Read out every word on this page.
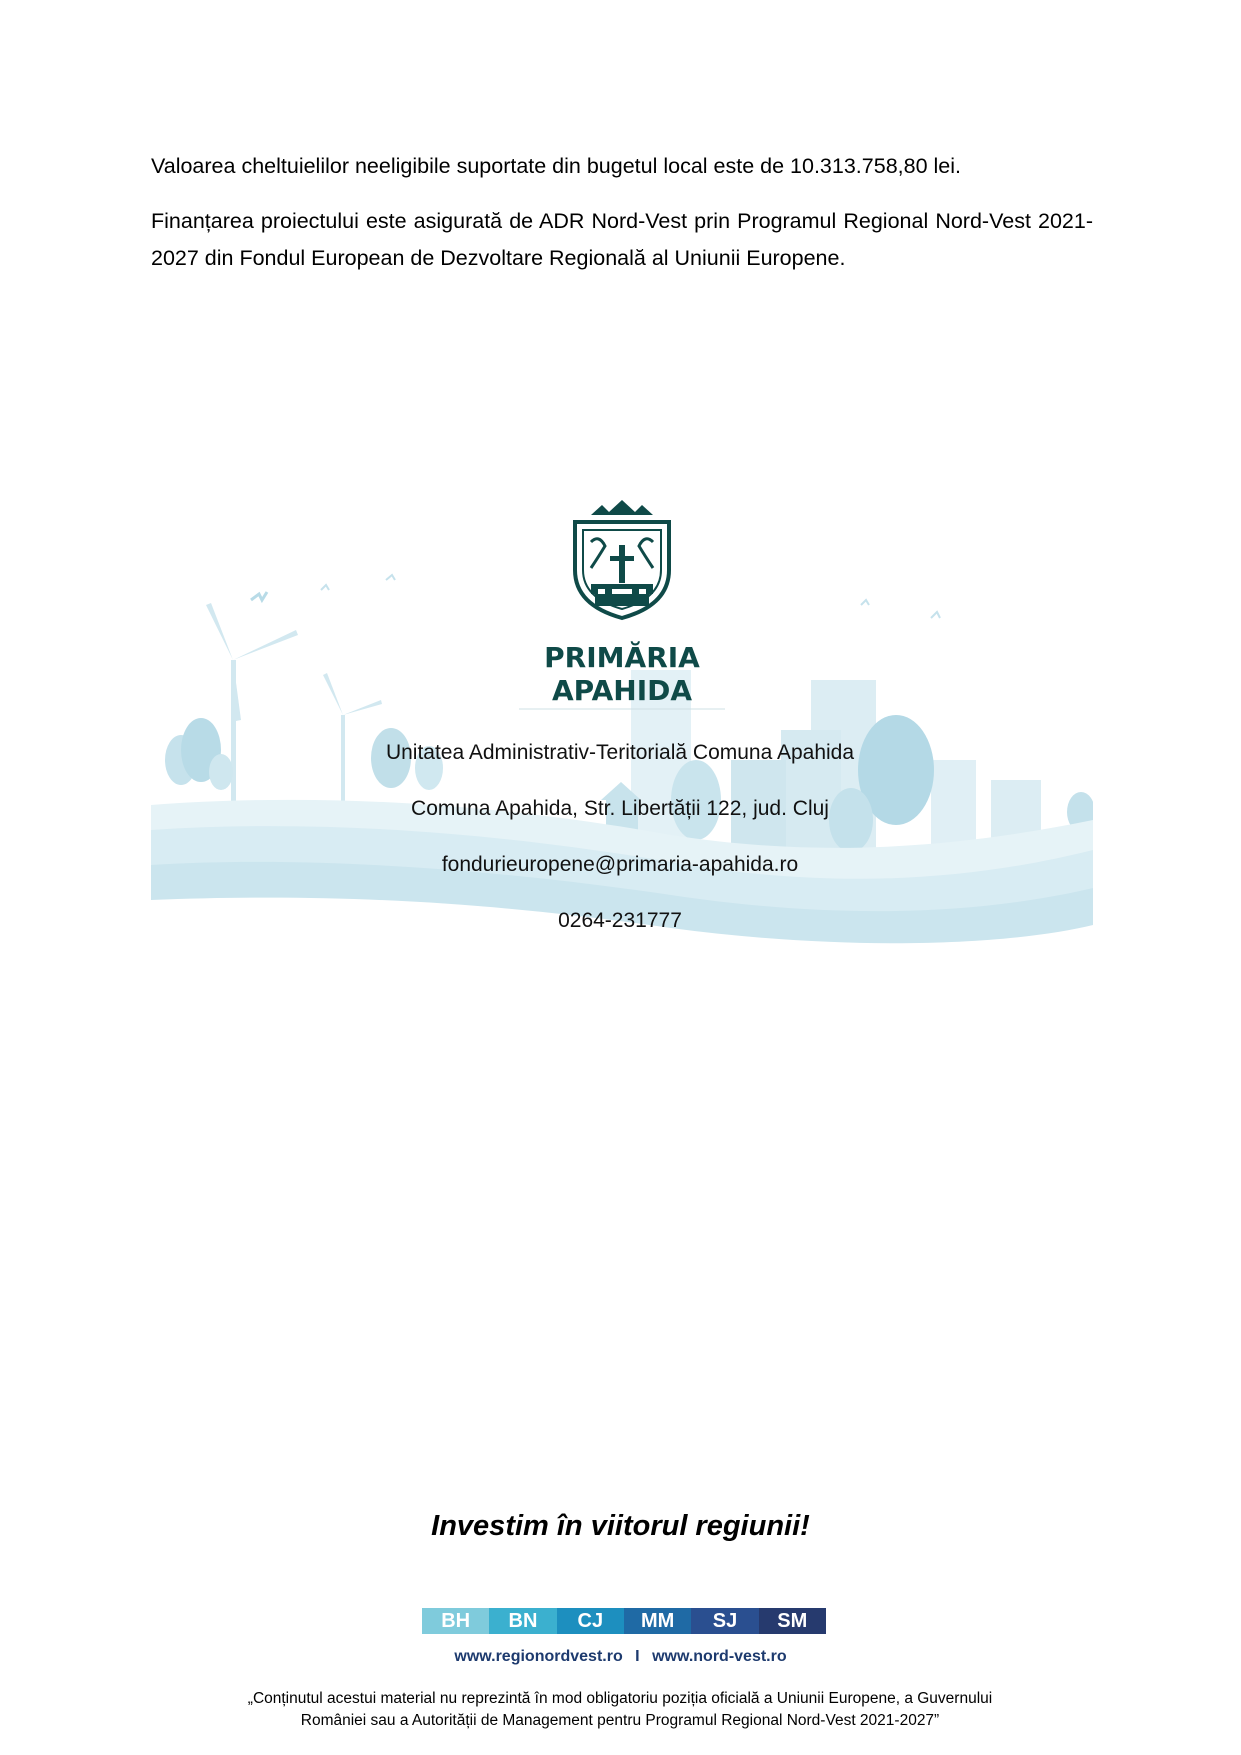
Valoarea cheltuielilor neeligibile suportate din bugetul local este de 10.313.758,80 lei.

Finanțarea proiectului este asigurată de ADR Nord-Vest prin Programul Regional Nord-Vest 2021- 2027 din Fondul European de Dezvoltare Regională al Uniunii Europene.

PRIMĂRIA
APAHIDA
Unitatea Administrativ-Teritorială Comuna Apahida
Comuna Apahida, Str. Libertății 122, jud. Cluj
fondurieuropene@primaria-apahida.ro
0264-231777
Investim în viitorul regiunii!
BH	BN	CJ	MM	SJ	SM
www.regionordvest.ro I www.nord-vest.ro
„Conținutul acestui material nu reprezintă în mod obligatoriu poziția oficială a Uniunii Europene, a Guvernului
României sau a Autorității de Management pentru Programul Regional Nord-Vest 2021-2027”
